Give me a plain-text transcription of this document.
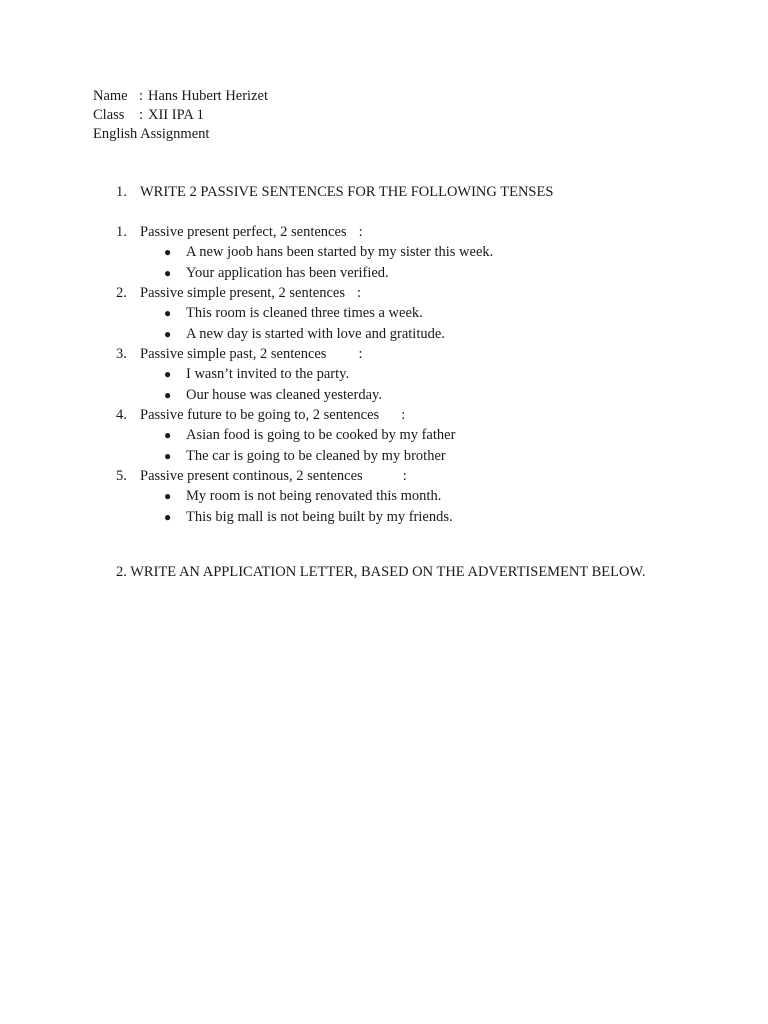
Name : Hans Hubert Herizet
Class : XII IPA 1
English Assignment
1. WRITE 2 PASSIVE SENTENCES FOR THE FOLLOWING TENSES
1. Passive present perfect, 2 sentences :
● A new joob hans been started by my sister this week.
● Your application has been verified.
2. Passive simple present, 2 sentences :
● This room is cleaned three times a week.
● A new day is started with love and gratitude.
3. Passive simple past, 2 sentences :
● I wasn’t invited to the party.
● Our house was cleaned yesterday.
4. Passive future to be going to, 2 sentences :
● Asian food is going to be cooked by my father
● The car is going to be cleaned by my brother
5. Passive present continous, 2 sentences	:
● My room is not being renovated this month.
● This big mall is not being built by my friends.
2. WRITE AN APPLICATION LETTER, BASED ON THE ADVERTISEMENT BELOW.
